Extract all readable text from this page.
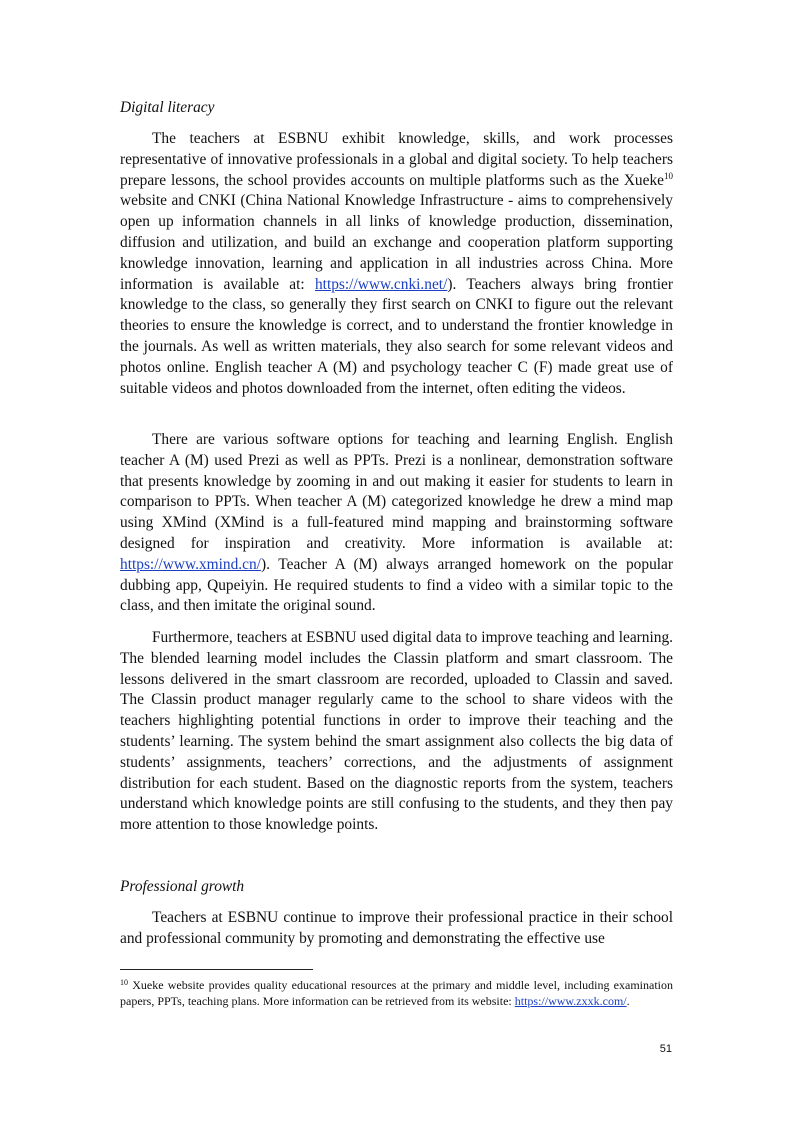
Digital literacy

The teachers at ESBNU exhibit knowledge, skills, and work processes representative of innovative professionals in a global and digital society. To help teachers prepare lessons, the school provides accounts on multiple platforms such as the Xueke$^{10}$ website and CNKI (China National Knowledge Infrastructure - aims to comprehensively open up information channels in all links of knowledge production, dissemination, diffusion and utilization, and build an exchange and cooperation platform supporting knowledge innovation, learning and application in all industries across China. More information is available at: https://www.cnki.net/). Teachers always bring frontier knowledge to the class, so generally they first search on CNKI to figure out the relevant theories to ensure the knowledge is correct, and to understand the frontier knowledge in the journals. As well as written materials, they also search for some relevant videos and photos online. English teacher A (M) and psychology teacher C (F) made great use of suitable videos and photos downloaded from the internet, often editing the videos.

There are various software options for teaching and learning English. English teacher A (M) used Prezi as well as PPTs. Prezi is a nonlinear, demonstration software that presents knowledge by zooming in and out making it easier for students to learn in comparison to PPTs. When teacher A (M) categorized knowledge he drew a mind map using XMind (XMind is a full-featured mind mapping and brainstorming software designed for inspiration and creativity. More information is available at: https://www.xmind.cn/). Teacher A (M) always arranged homework on the popular dubbing app, Qupeiyin. He required students to find a video with a similar topic to the class, and then imitate the original sound.

Furthermore, teachers at ESBNU used digital data to improve teaching and learning. The blended learning model includes the Classin platform and smart classroom. The lessons delivered in the smart classroom are recorded, uploaded to Classin and saved. The Classin product manager regularly came to the school to share videos with the teachers highlighting potential functions in order to improve their teaching and the students’ learning. The system behind the smart assignment also collects the big data of students’ assignments, teachers’ corrections, and the adjustments of assignment distribution for each student. Based on the diagnostic reports from the system, teachers understand which knowledge points are still confusing to the students, and they then pay more attention to those knowledge points.

Professional growth

Teachers at ESBNU continue to improve their professional practice in their school and professional community by promoting and demonstrating the effective use

$^{10}$ Xueke website provides quality educational resources at the primary and middle level, including examination papers, PPTs, teaching plans. More information can be retrieved from its website: https://www.zxxk.com/.

51
